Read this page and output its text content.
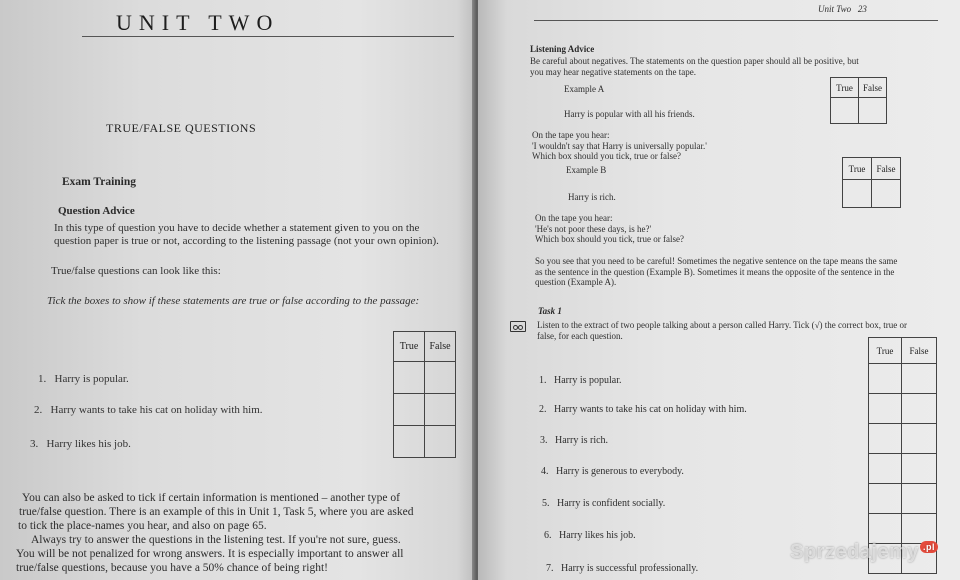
UNIT TWO
TRUE/FALSE QUESTIONS
Exam Training
Question Advice
In this type of question you have to decide whether a statement given to you on the question paper is true or not, according to the listening passage (not your own opinion).
True/false questions can look like this:
Tick the boxes to show if these statements are true or false according to the passage:
True	False

1. Harry is popular.
2. Harry wants to take his cat on holiday with him.
3. Harry likes his job.
You can also be asked to tick if certain information is mentioned – another type of
true/false question. There is an example of this in Unit 1, Task 5, where you are asked
to tick the place-names you hear, and also on page 65.
Always try to answer the questions in the listening test. If you're not sure, guess.
You will be not penalized for wrong answers. It is especially important to answer all
true/false questions, because you have a 50% chance of being right!
Unit Two 23
Listening Advice
Be careful about negatives. The statements on the question paper should all be positive, but you may hear negative statements on the tape.
Example A
Harry is popular with all his friends.
True	False

On the tape you hear:
'I wouldn't say that Harry is universally popular.'
Which box should you tick, true or false?
Example B
Harry is rich.
True	False

On the tape you hear:
'He's not poor these days, is he?'
Which box should you tick, true or false?
So you see that you need to be careful! Sometimes the negative sentence on the tape means the same as the sentence in the question (Example B). Sometimes it means the opposite of the sentence in the question (Example A).
Task 1
Listen to the extract of two people talking about a person called Harry. Tick (√) the correct box, true or false, for each question.
True	False

1. Harry is popular.
2. Harry wants to take his cat on holiday with him.
3. Harry is rich.
4. Harry is generous to everybody.
5. Harry is confident socially.
6. Harry likes his job.
7. Harry is successful professionally.
Sprzedajemy .pl
